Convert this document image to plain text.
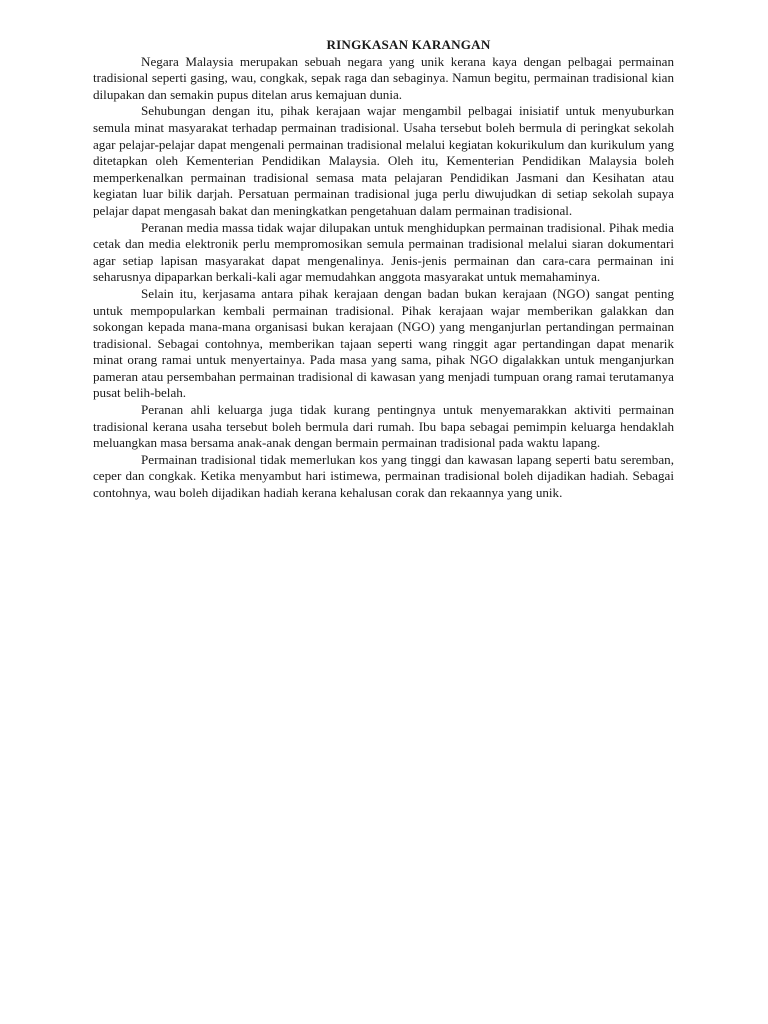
RINGKASAN KARANGAN

Negara Malaysia merupakan sebuah negara yang unik kerana kaya dengan pelbagai permainan tradisional seperti gasing, wau, congkak, sepak raga dan sebaginya. Namun begitu, permainan tradisional kian dilupakan dan semakin pupus ditelan arus kemajuan dunia.

Sehubungan dengan itu, pihak kerajaan wajar mengambil pelbagai inisiatif untuk menyuburkan semula minat masyarakat terhadap permainan tradisional. Usaha tersebut boleh bermula di peringkat sekolah agar pelajar-pelajar dapat mengenali permainan tradisional melalui kegiatan kokurikulum dan kurikulum yang ditetapkan oleh Kementerian Pendidikan Malaysia. Oleh itu, Kementerian Pendidikan Malaysia boleh memperkenalkan permainan tradisional semasa mata pelajaran Pendidikan Jasmani dan Kesihatan atau kegiatan luar bilik darjah. Persatuan permainan tradisional juga perlu diwujudkan di setiap sekolah supaya pelajar dapat mengasah bakat dan meningkatkan pengetahuan dalam permainan tradisional.

Peranan media massa tidak wajar dilupakan untuk menghidupkan permainan tradisional. Pihak media cetak dan media elektronik perlu mempromosikan semula permainan tradisional melalui siaran dokumentari agar setiap lapisan masyarakat dapat mengenalinya. Jenis-jenis permainan dan cara-cara permainan ini seharusnya dipaparkan berkali-kali agar memudahkan anggota masyarakat untuk memahaminya.

Selain itu, kerjasama antara pihak kerajaan dengan badan bukan kerajaan (NGO) sangat penting untuk mempopularkan kembali permainan tradisional. Pihak kerajaan wajar memberikan galakkan dan sokongan kepada mana-mana organisasi bukan kerajaan (NGO) yang menganjurlan pertandingan permainan tradisional. Sebagai contohnya, memberikan tajaan seperti wang ringgit agar pertandingan dapat menarik minat orang ramai untuk menyertainya. Pada masa yang sama, pihak NGO digalakkan untuk menganjurkan pameran atau persembahan permainan tradisional di kawasan yang menjadi tumpuan orang ramai terutamanya pusat belih-belah.

Peranan ahli keluarga juga tidak kurang pentingnya untuk menyemarakkan aktiviti permainan tradisional kerana usaha tersebut boleh bermula dari rumah. Ibu bapa sebagai pemimpin keluarga hendaklah meluangkan masa bersama anak-anak dengan bermain permainan tradisional pada waktu lapang.

Permainan tradisional tidak memerlukan kos yang tinggi dan kawasan lapang seperti batu seremban, ceper dan congkak. Ketika menyambut hari istimewa, permainan tradisional boleh dijadikan hadiah. Sebagai contohnya, wau boleh dijadikan hadiah kerana kehalusan corak dan rekaannya yang unik.
